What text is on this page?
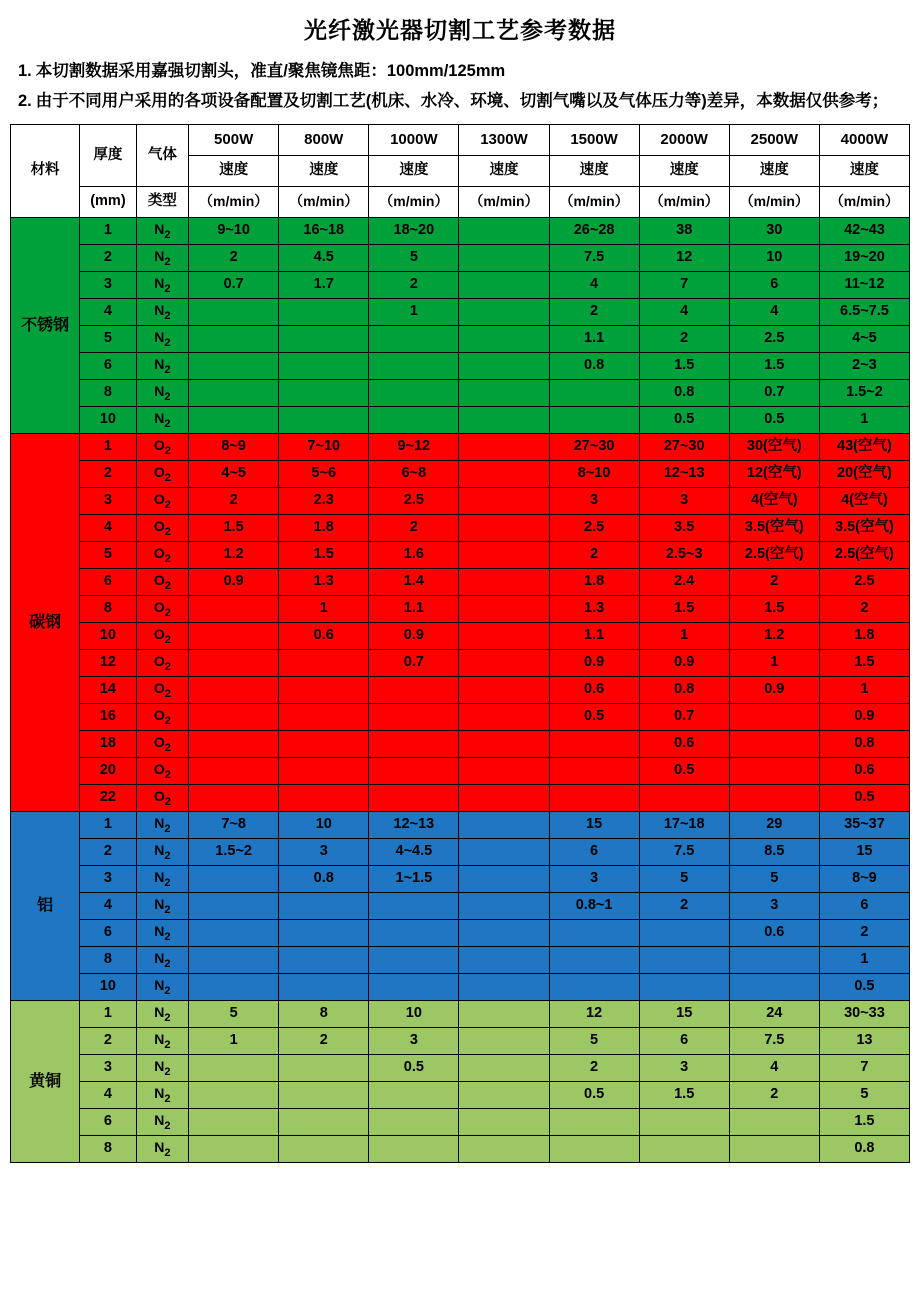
光纤激光器切割工艺参考数据
1. 本切割数据采用嘉强切割头，准直/聚焦镜焦距：100mm/125mm
2. 由于不同用户采用的各项设备配置及切割工艺(机床、水冷、环境、切割气嘴以及气体压力等)差异，本数据仅供参考；
材料	厚度	气体	500W	800W	1000W	1300W	1500W	2000W	2500W	4000W
			速度	速度	速度	速度	速度	速度	速度	速度
	(mm)	类型	（m/min）	（m/min）	（m/min）	（m/min）	（m/min）	（m/min）	（m/min）	（m/min）
不锈钢	1	$N_2$	9~10	16~18	18~20		26~28	38	30	42~43
	2	$N_2$	2	4.5	5		7.5	12	10	19~20
	3	$N_2$	0.7	1.7	2		4	7	6	11~12
	4	$N_2$			1		2	4	4	6.5~7.5
	5	$N_2$					1.1	2	2.5	4~5
	6	$N_2$					0.8	1.5	1.5	2~3
	8	$N_2$						0.8	0.7	1.5~2
	10	$N_2$						0.5	0.5	1
碳钢	1	$O_2$	8~9	7~10	9~12		27~30	27~30	30(空气)	43(空气)
	2	$O_2$	4~5	5~6	6~8		8~10	12~13	12(空气)	20(空气)
	3	$O_2$	2	2.3	2.5		3	3	4(空气)	4(空气)
	4	$O_2$	1.5	1.8	2		2.5	3.5	3.5(空气)	3.5(空气)
	5	$O_2$	1.2	1.5	1.6		2	2.5~3	2.5(空气)	2.5(空气)
	6	$O_2$	0.9	1.3	1.4		1.8	2.4	2	2.5
	8	$O_2$		1	1.1		1.3	1.5	1.5	2
	10	$O_2$		0.6	0.9		1.1	1	1.2	1.8
	12	$O_2$			0.7		0.9	0.9	1	1.5
	14	$O_2$					0.6	0.8	0.9	1
	16	$O_2$					0.5	0.7		0.9
	18	$O_2$						0.6		0.8
	20	$O_2$						0.5		0.6
	22	$O_2$								0.5
铝	1	$N_2$	7~8	10	12~13		15	17~18	29	35~37
	2	$N_2$	1.5~2	3	4~4.5		6	7.5	8.5	15
	3	$N_2$		0.8	1~1.5		3	5	5	8~9
	4	$N_2$					0.8~1	2	3	6
	6	$N_2$							0.6	2
	8	$N_2$								1
	10	$N_2$								0.5
黄铜	1	$N_2$	5	8	10		12	15	24	30~33
	2	$N_2$	1	2	3		5	6	7.5	13
	3	$N_2$			0.5		2	3	4	7
	4	$N_2$					0.5	1.5	2	5
	6	$N_2$								1.5
	8	$N_2$								0.8
